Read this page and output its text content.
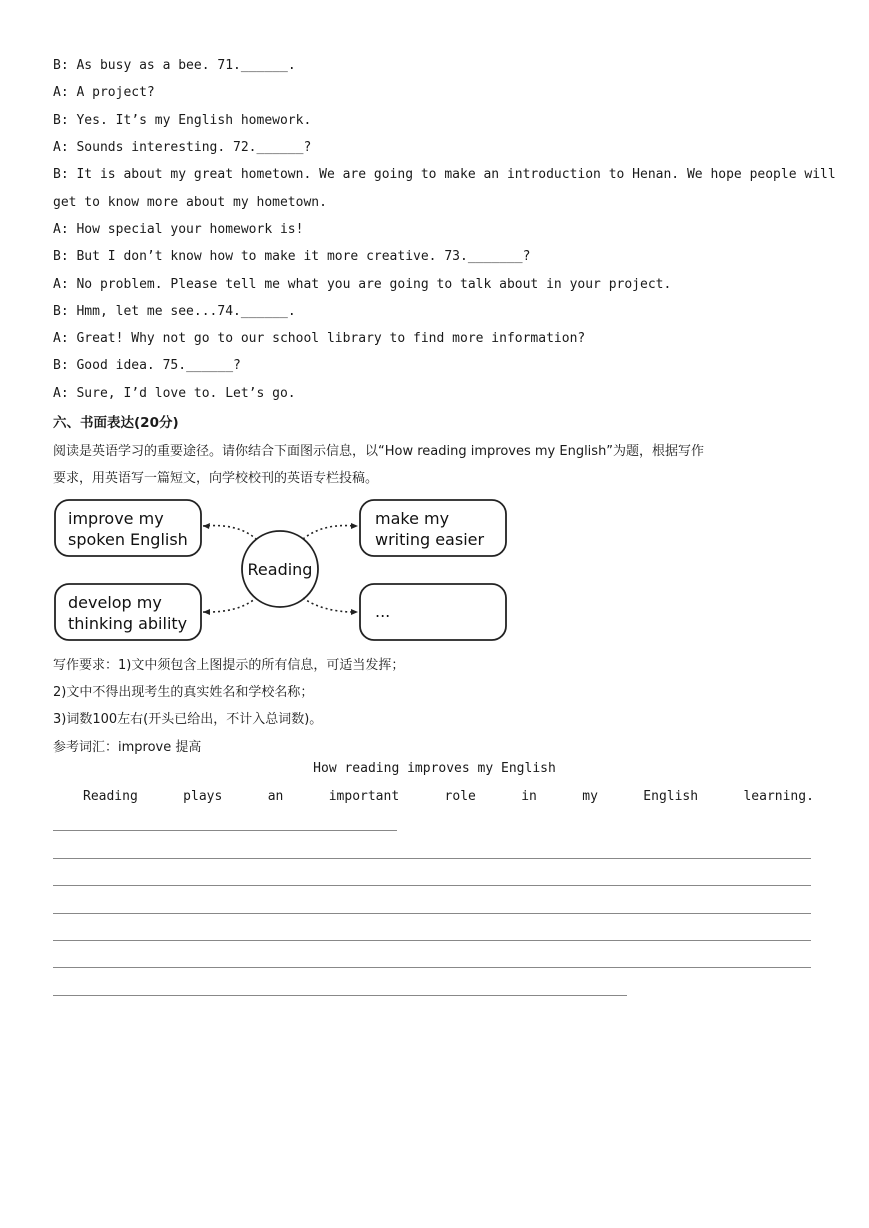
B: As busy as a bee. 71.______.
A: A project?
B: Yes. It’s my English homework.
A: Sounds interesting. 72.______?
B: It is about my great hometown. We are going to make an introduction to Henan. We hope people will
get to know more about my hometown.
A: How special your homework is!
B: But I don’t know how to make it more creative. 73._______?
A: No problem. Please tell me what you are going to talk about in your project.
B: Hmm, let me see...74.______.
A: Great! Why not go to our school library to find more information?
B: Good idea. 75.______?
A: Sure, I’d love to. Let’s go.
六、书面表达(20分)
阅读是英语学习的重要途径。请你结合下面图示信息，以“How reading improves my English”为题，根据写作
要求，用英语写一篇短文，向学校校刊的英语专栏投稿。
improve my
spoken English
make my
writing easier
develop my
thinking ability
...
Reading
写作要求：1)文中须包含上图提示的所有信息，可适当发挥；
2)文中不得出现考生的真实姓名和学校名称；
3)词数100左右(开头已给出，不计入总词数)。
参考词汇：improve 提高
How reading improves my English
Reading	plays	an	important	role	in	my	English	learning.
